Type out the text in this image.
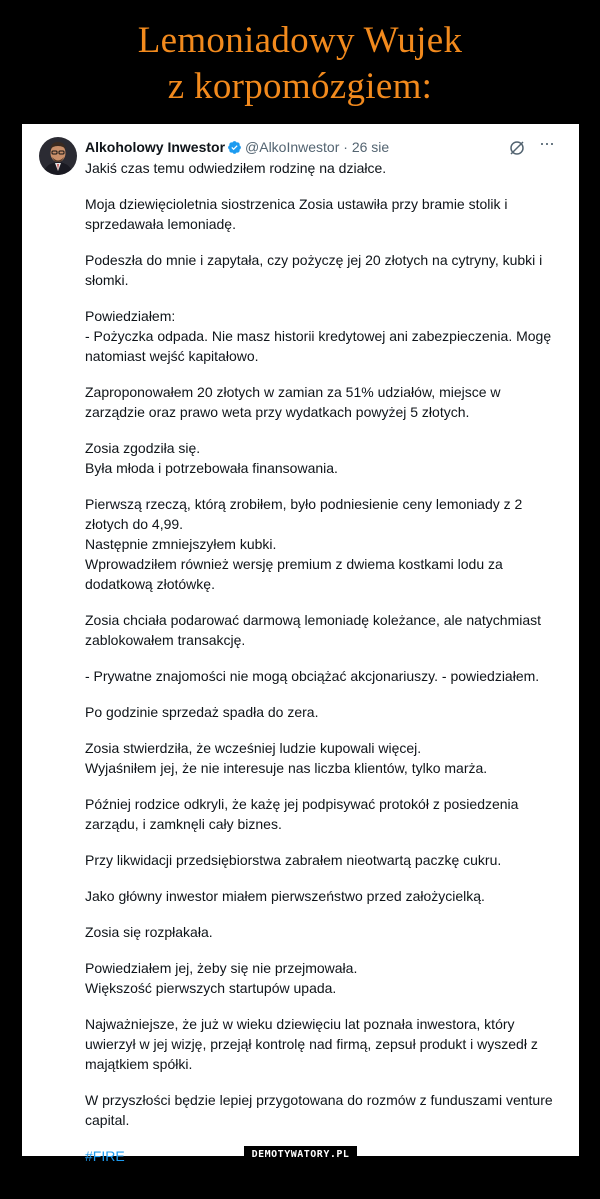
Lemoniadowy Wujek
z korpomózgiem:
Alkoholowy Inwestor @AlkoInwestor · 26 sie	···
Jakiś czas temu odwiedziłem rodzinę na działce.
Moja dziewięcioletnia siostrzenica Zosia ustawiła przy bramie stolik i
sprzedawała lemoniadę.
Podeszła do mnie i zapytała, czy pożyczę jej 20 złotych na cytryny, kubki i
słomki.
Powiedziałem:
- Pożyczka odpada. Nie masz historii kredytowej ani zabezpieczenia. Mogę
natomiast wejść kapitałowo.
Zaproponowałem 20 złotych w zamian za 51% udziałów, miejsce w
zarządzie oraz prawo weta przy wydatkach powyżej 5 złotych.
Zosia zgodziła się.
Była młoda i potrzebowała finansowania.
Pierwszą rzeczą, którą zrobiłem, było podniesienie ceny lemoniady z 2
złotych do 4,99.
Następnie zmniejszyłem kubki.
Wprowadziłem również wersję premium z dwiema kostkami lodu za
dodatkową złotówkę.
Zosia chciała podarować darmową lemoniadę koleżance, ale natychmiast
zablokowałem transakcję.
- Prywatne znajomości nie mogą obciążać akcjonariuszy. - powiedziałem.
Po godzinie sprzedaż spadła do zera.
Zosia stwierdziła, że wcześniej ludzie kupowali więcej.
Wyjaśniłem jej, że nie interesuje nas liczba klientów, tylko marża.
Później rodzice odkryli, że każę jej podpisywać protokół z posiedzenia
zarządu, i zamknęli cały biznes.
Przy likwidacji przedsiębiorstwa zabrałem nieotwartą paczkę cukru.
Jako główny inwestor miałem pierwszeństwo przed założycielką.
Zosia się rozpłakała.
Powiedziałem jej, żeby się nie przejmowała.
Większość pierwszych startupów upada.
Najważniejsze, że już w wieku dziewięciu lat poznała inwestora, który
uwierzył w jej wizję, przejął kontrolę nad firmą, zepsuł produkt i wyszedł z
majątkiem spółki.
W przyszłości będzie lepiej przygotowana do rozmów z funduszami venture
capital.
#FIRE	DEMOTYWATORY.PL
